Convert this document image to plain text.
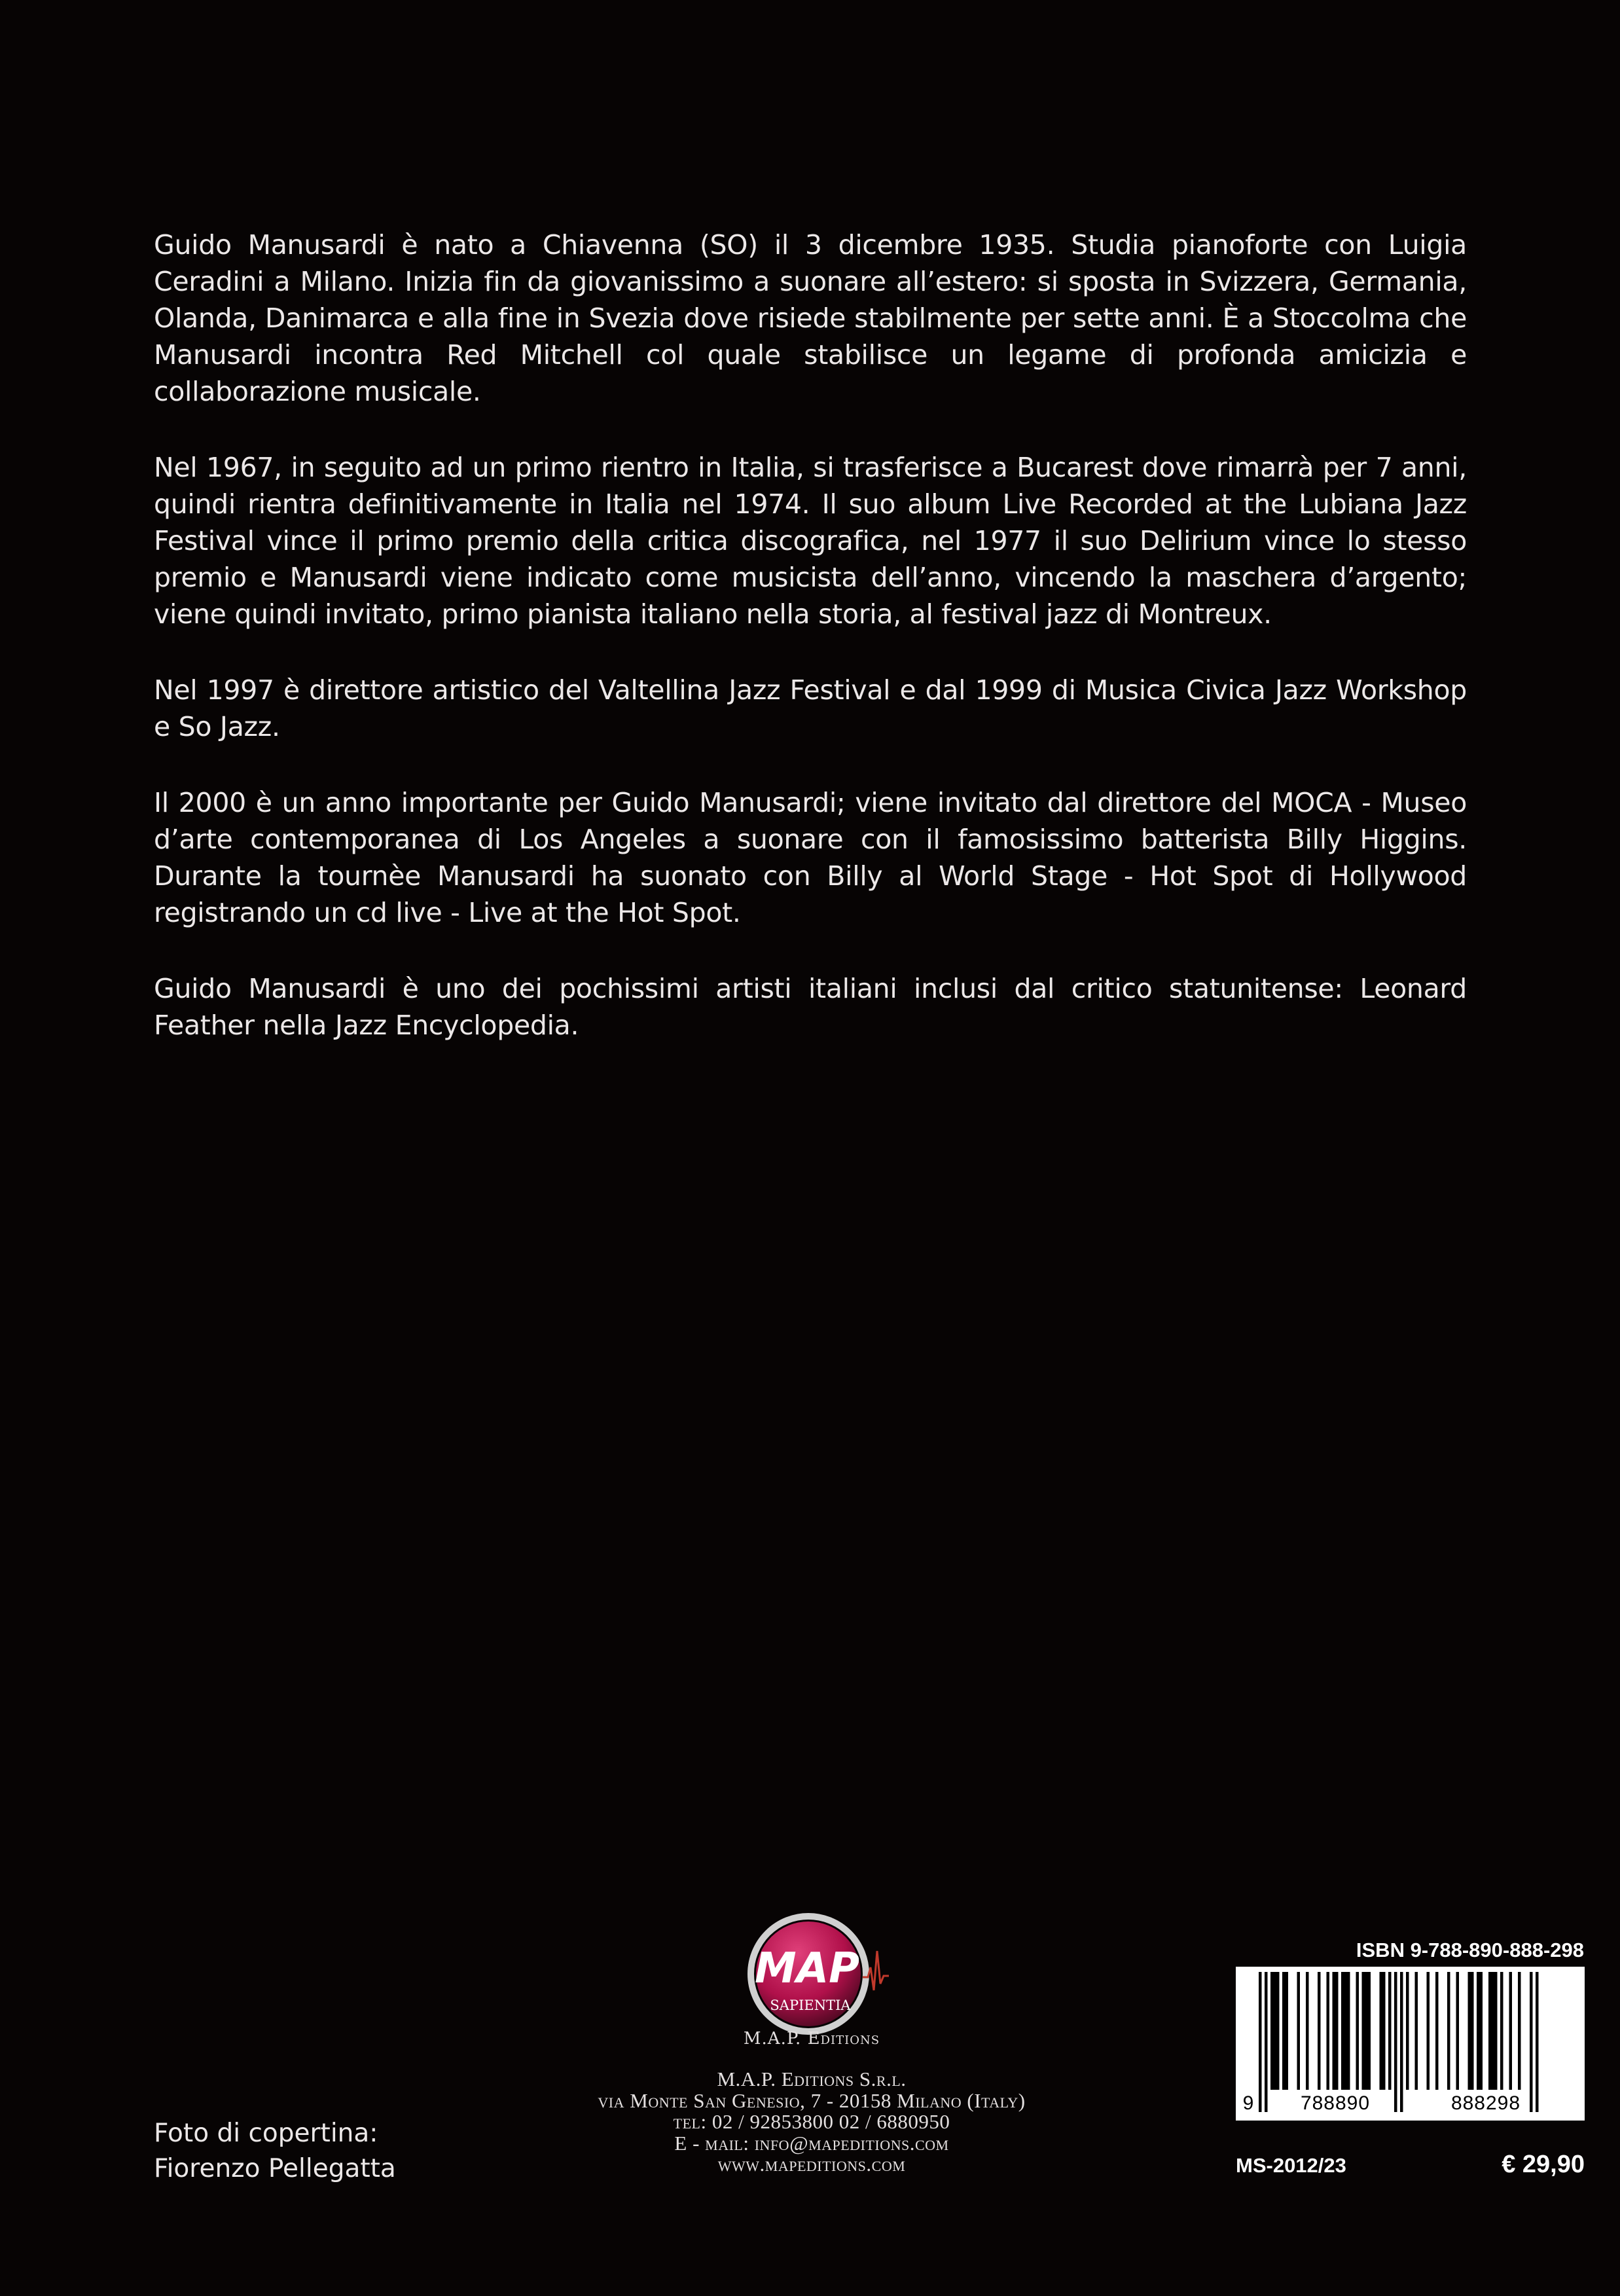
Guido Manusardi è nato a Chiavenna (SO) il 3 dicembre 1935. Studia pianoforte con Luigia Ceradini a Milano. Inizia fin da giovanissimo a suonare all’estero: si sposta in Svizzera, Germania, Olanda, Danimarca e alla fine in Svezia dove risiede stabilmente per sette anni. È a Stoccolma che Manusardi incontra Red Mitchell col quale stabilisce un legame di profonda amicizia e collaborazione musicale.

Nel 1967, in seguito ad un primo rientro in Italia, si trasferisce a Bucarest dove rimarrà per 7 anni, quindi rientra definitivamente in Italia nel 1974. Il suo album Live Recorded at the Lubiana Jazz Festival vince il primo premio della critica discografica, nel 1977 il suo Delirium vince lo stesso premio e Manusardi viene indicato come musicista dell’anno, vincendo la maschera d’argento; viene quindi invitato, primo pianista italiano nella storia, al festival jazz di Montreux.

Nel 1997 è direttore artistico del Valtellina Jazz Festival e dal 1999 di Musica Civica Jazz Workshop e So Jazz.

Il 2000 è un anno importante per Guido Manusardi; viene invitato dal direttore del MOCA - Museo d’arte contemporanea di Los Angeles a suonare con il famosissimo batterista Billy Higgins. Durante la tournèe Manusardi ha suonato con Billy al World Stage - Hot Spot di Hollywood registrando un cd live - Live at the Hot Spot.

Guido Manusardi è uno dei pochissimi artisti italiani inclusi dal critico statunitense: Leonard Feather nella Jazz Encyclopedia.

MAP
SAPIENTIA
M.A.P. Editions
M.A.P. Editions S.r.l.
via Monte San Genesio, 7 - 20158 Milano (Italy)
tel: 02 / 92853800 02 / 6880950
E - mail: info@mapeditions.com
www.mapeditions.com
Foto di copertina:
Fiorenzo Pellegatta
ISBN 9-788-890-888-298
9	788890	888298
MS-2012/23	€ 29,90
